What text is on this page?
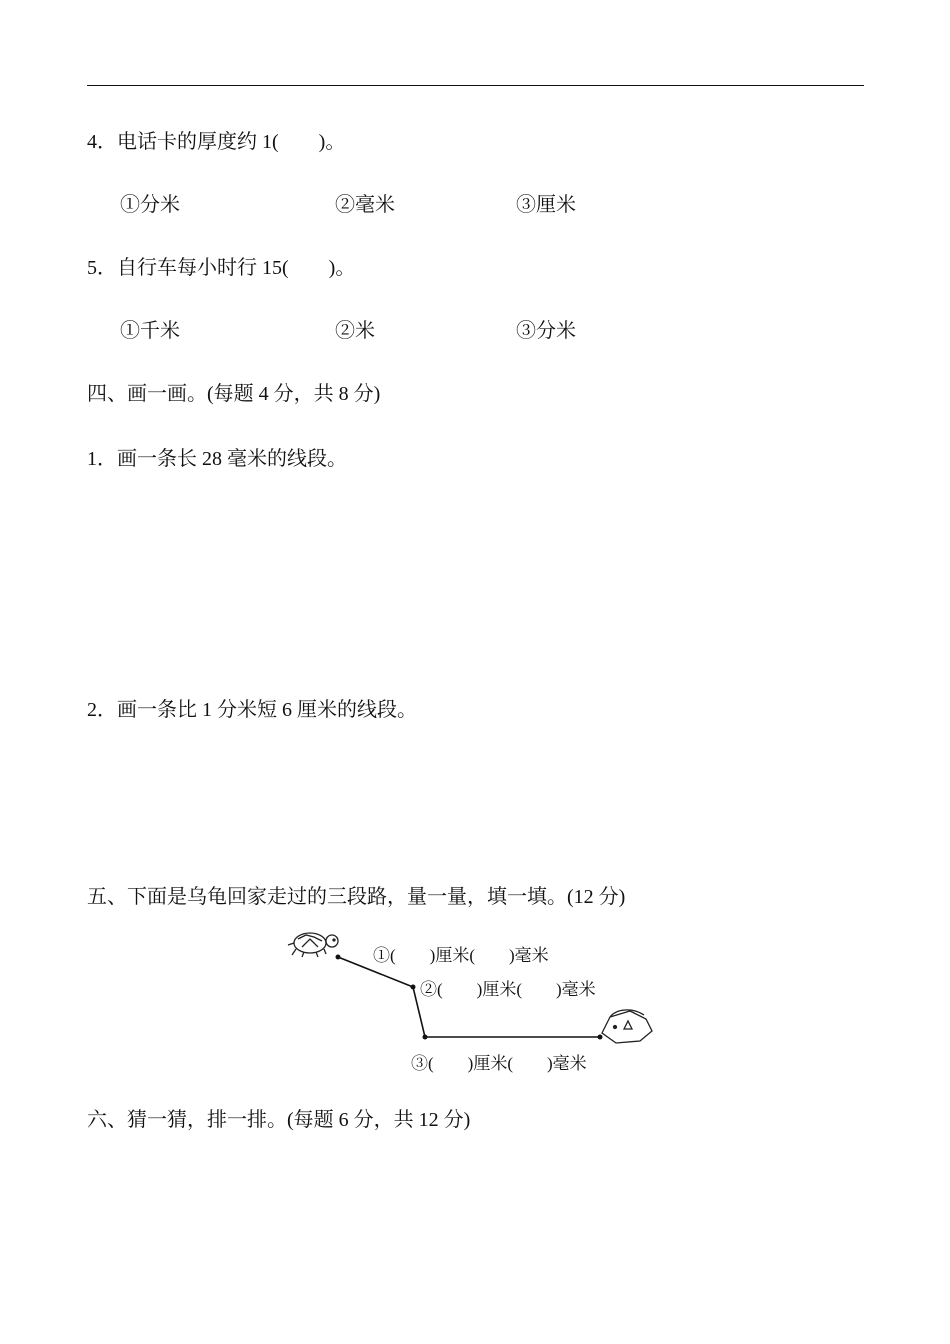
4．电话卡的厚度约 1(        )。
①分米	②毫米	③厘米
5．自行车每小时行 15(        )。
①千米	②米	③分米
四、画一画。(每题 4 分，共 8 分)
1．画一条长 28 毫米的线段。
2．画一条比 1 分米短 6 厘米的线段。
五、下面是乌龟回家走过的三段路，量一量，填一填。(12 分)
①(        )厘米(        )毫米
②(        )厘米(        )毫米
③(        )厘米(        )毫米
六、猜一猜，排一排。(每题 6 分，共 12 分)
